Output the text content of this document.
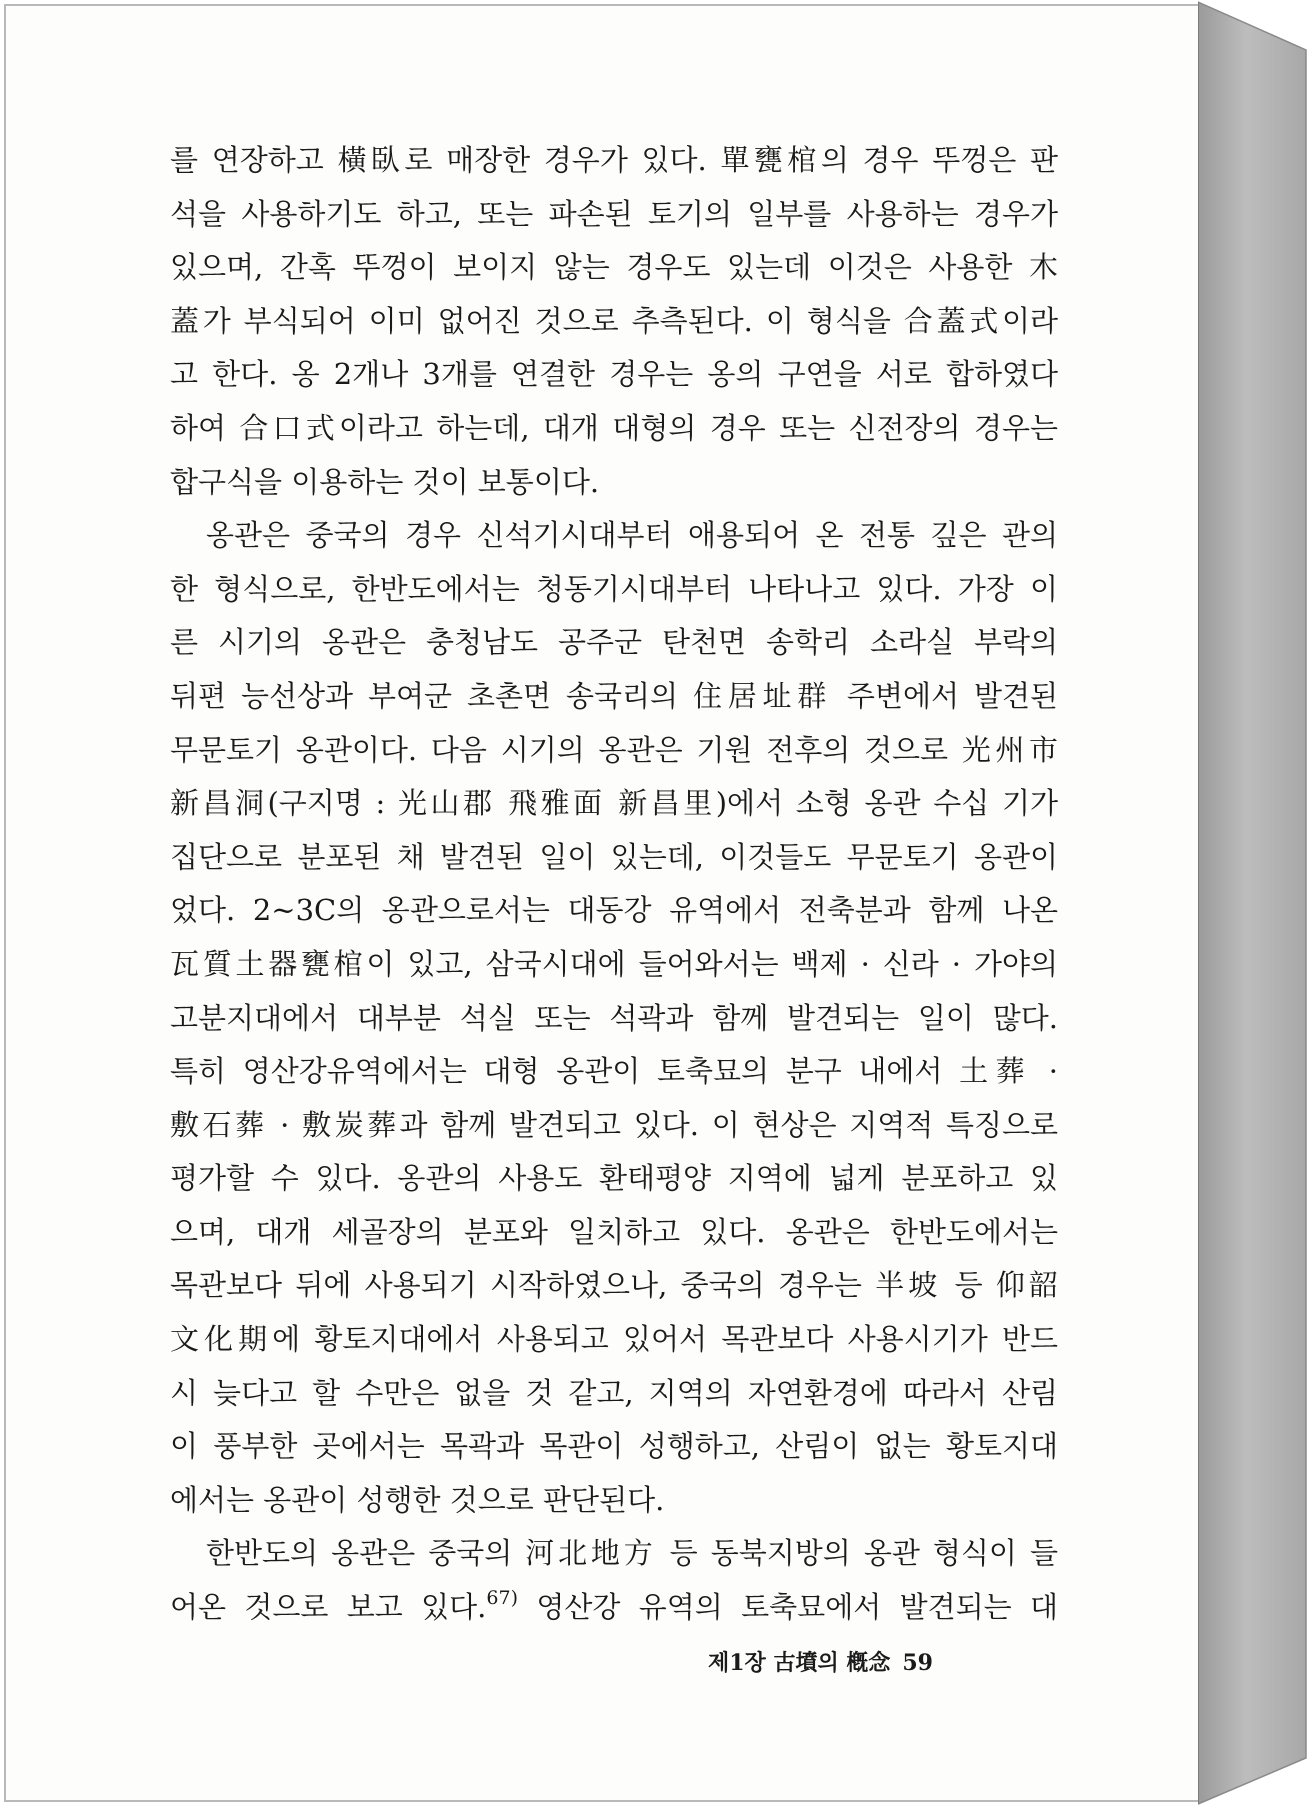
를 연장하고 橫臥로 매장한 경우가 있다. 單甕棺의 경우 뚜껑은 판
석을 사용하기도 하고, 또는 파손된 토기의 일부를 사용하는 경우가
있으며, 간혹 뚜껑이 보이지 않는 경우도 있는데 이것은 사용한 木
蓋가 부식되어 이미 없어진 것으로 추측된다. 이 형식을 合蓋式이라
고 한다. 옹 2개나 3개를 연결한 경우는 옹의 구연을 서로 합하였다
하여 合口式이라고 하는데, 대개 대형의 경우 또는 신전장의 경우는
합구식을 이용하는 것이 보통이다.
옹관은 중국의 경우 신석기시대부터 애용되어 온 전통 깊은 관의
한 형식으로, 한반도에서는 청동기시대부터 나타나고 있다. 가장 이
른 시기의 옹관은 충청남도 공주군 탄천면 송학리 소라실 부락의
뒤편 능선상과 부여군 초촌면 송국리의 住居址群 주변에서 발견된
무문토기 옹관이다. 다음 시기의 옹관은 기원 전후의 것으로 光州市
新昌洞(구지명 : 光山郡 飛雅面 新昌里)에서 소형 옹관 수십 기가
집단으로 분포된 채 발견된 일이 있는데, 이것들도 무문토기 옹관이
었다. 2~3C의 옹관으로서는 대동강 유역에서 전축분과 함께 나온
瓦質土器甕棺이 있고, 삼국시대에 들어와서는 백제 · 신라 · 가야의
고분지대에서 대부분 석실 또는 석곽과 함께 발견되는 일이 많다.
특히 영산강유역에서는 대형 옹관이 토축묘의 분구 내에서 土葬 ·
敷石葬 · 敷炭葬과 함께 발견되고 있다. 이 현상은 지역적 특징으로
평가할 수 있다. 옹관의 사용도 환태평양 지역에 넓게 분포하고 있
으며, 대개 세골장의 분포와 일치하고 있다. 옹관은 한반도에서는
목관보다 뒤에 사용되기 시작하였으나, 중국의 경우는 半坡 등 仰韶
文化期에 황토지대에서 사용되고 있어서 목관보다 사용시기가 반드
시 늦다고 할 수만은 없을 것 같고, 지역의 자연환경에 따라서 산림
이 풍부한 곳에서는 목곽과 목관이 성행하고, 산림이 없는 황토지대
에서는 옹관이 성행한 것으로 판단된다.
한반도의 옹관은 중국의 河北地方 등 동북지방의 옹관 형식이 들
어온 것으로 보고 있다.$^{67)}$ 영산강 유역의 토축묘에서 발견되는 대
제1장 古墳의 槪念 59
